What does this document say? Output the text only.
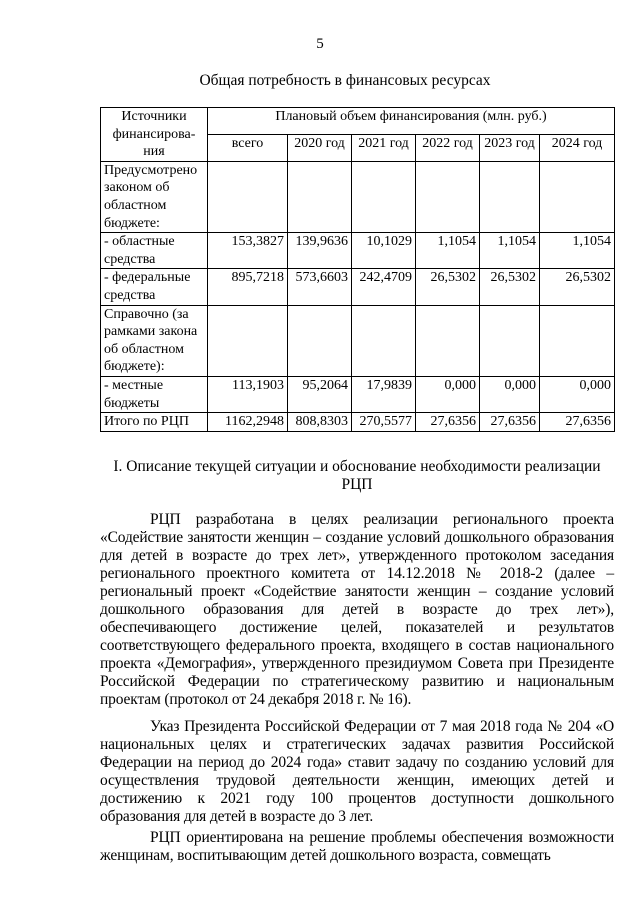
5
Общая потребность в финансовых ресурсах
Источники финансирова-ния	Плановый объем финансирования (млн. руб.)					
	всего	2020 год	2021 год	2022 год	2023 год	2024 год
Предусмотрено законом об областном бюджете:						
- областные средства	153,3827	139,9636	10,1029	1,1054	1,1054	1,1054
- федеральные средства	895,7218	573,6603	242,4709	26,5302	26,5302	26,5302
Справочно (за рамками закона об областном бюджете):						
- местные бюджеты	113,1903	95,2064	17,9839	0,000	0,000	0,000
Итого по РЦП	1162,2948	808,8303	270,5577	27,6356	27,6356	27,6356
I. Описание текущей ситуации и обоснование необходимости реализации РЦП

РЦП разработана в целях реализации регионального проекта «Содействие занятости женщин – создание условий дошкольного образования для детей в возрасте до трех лет», утвержденного протоколом заседания регионального проектного комитета от 14.12.2018 № 2018-2 (далее – региональный проект «Содействие занятости женщин – создание условий дошкольного образования для детей в возрасте до трех лет»), обеспечивающего достижение целей, показателей и результатов соответствующего федерального проекта, входящего в состав национального проекта «Демография», утвержденного президиумом Совета при Президенте Российской Федерации по стратегическому развитию и национальным проектам (протокол от 24 декабря 2018 г. № 16).

Указ Президента Российской Федерации от 7 мая 2018 года № 204 «О национальных целях и стратегических задачах развития Российской Федерации на период до 2024 года» ставит задачу по созданию условий для осуществления трудовой деятельности женщин, имеющих детей и достижению к 2021 году 100 процентов доступности дошкольного образования для детей в возрасте до 3 лет.

РЦП ориентирована на решение проблемы обеспечения возможности женщинам, воспитывающим детей дошкольного возраста, совмещать
